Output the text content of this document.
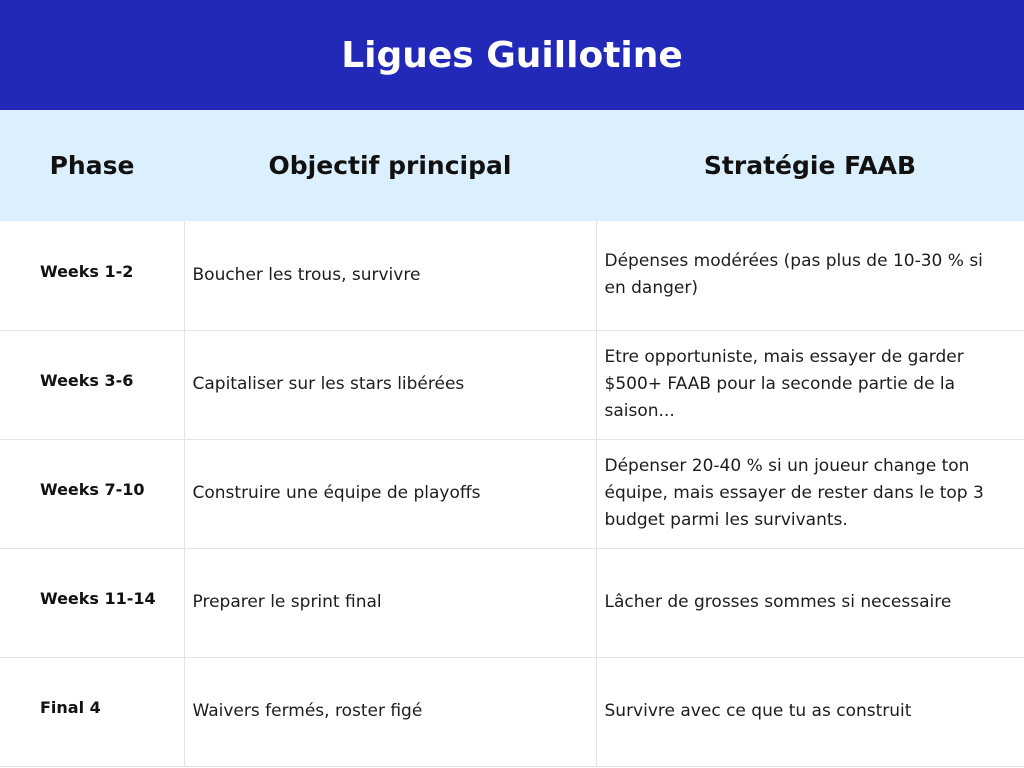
Ligues Guillotine
Phase	Objectif principal	Stratégie FAAB
Weeks 1-2	Boucher les trous, survivre	Dépenses modérées (pas plus de 10-30 % si en danger)
Weeks 3-6	Capitaliser sur les stars libérées	Etre opportuniste, mais essayer de garder $500+ FAAB pour la seconde partie de la saison...
Weeks 7-10	Construire une équipe de playoffs	Dépenser 20-40 % si un joueur change ton équipe, mais essayer de rester dans le top 3 budget parmi les survivants.
Weeks 11-14	Preparer le sprint final	Lâcher de grosses sommes si necessaire
Final 4	Waivers fermés, roster figé	Survivre avec ce que tu as construit
